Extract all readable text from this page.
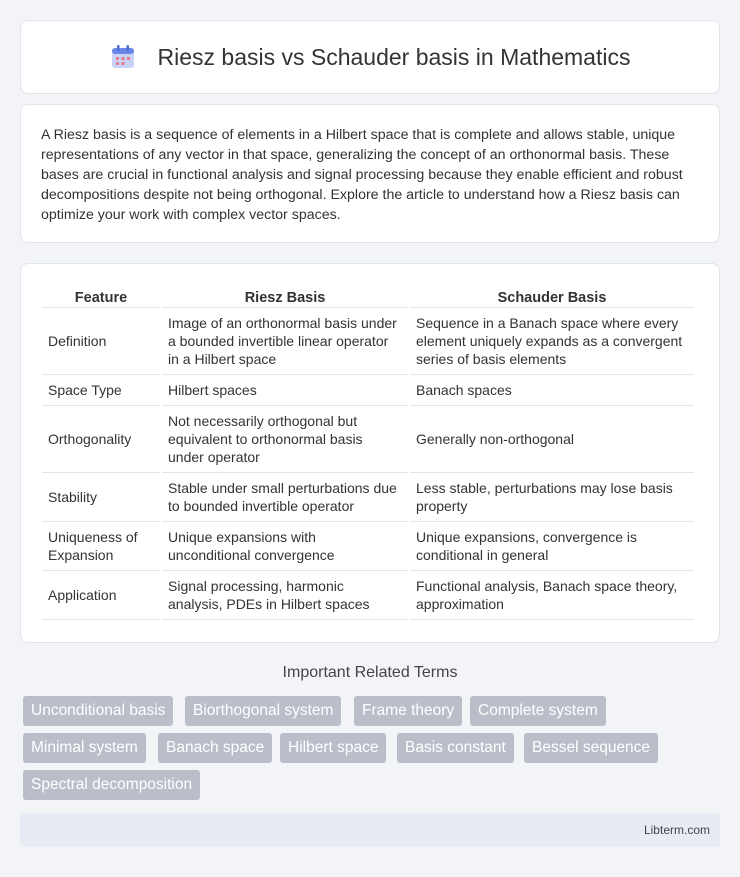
Riesz basis vs Schauder basis in Mathematics

A Riesz basis is a sequence of elements in a Hilbert space that is complete and allows stable, unique representations of any vector in that space, generalizing the concept of an orthonormal basis. These bases are crucial in functional analysis and signal processing because they enable efficient and robust decompositions despite not being orthogonal. Explore the article to understand how a Riesz basis can optimize your work with complex vector spaces.

Feature	Riesz Basis	Schauder Basis
Definition	Image of an orthonormal basis under a bounded invertible linear operator in a Hilbert space	Sequence in a Banach space where every element uniquely expands as a convergent series of basis elements
Space Type	Hilbert spaces	Banach spaces
Orthogonality	Not necessarily orthogonal but equivalent to orthonormal basis under operator	Generally non-orthogonal
Stability	Stable under small perturbations due to bounded invertible operator	Less stable, perturbations may lose basis property
Uniqueness of Expansion	Unique expansions with unconditional convergence	Unique expansions, convergence is conditional in general
Application	Signal processing, harmonic analysis, PDEs in Hilbert spaces	Functional analysis, Banach space theory, approximation
Important Related Terms
Unconditional basis	Biorthogonal system	Frame theory	Complete system
Minimal system	Banach space	Hilbert space	Basis constant	Bessel sequence
Spectral decomposition
Libterm.com
